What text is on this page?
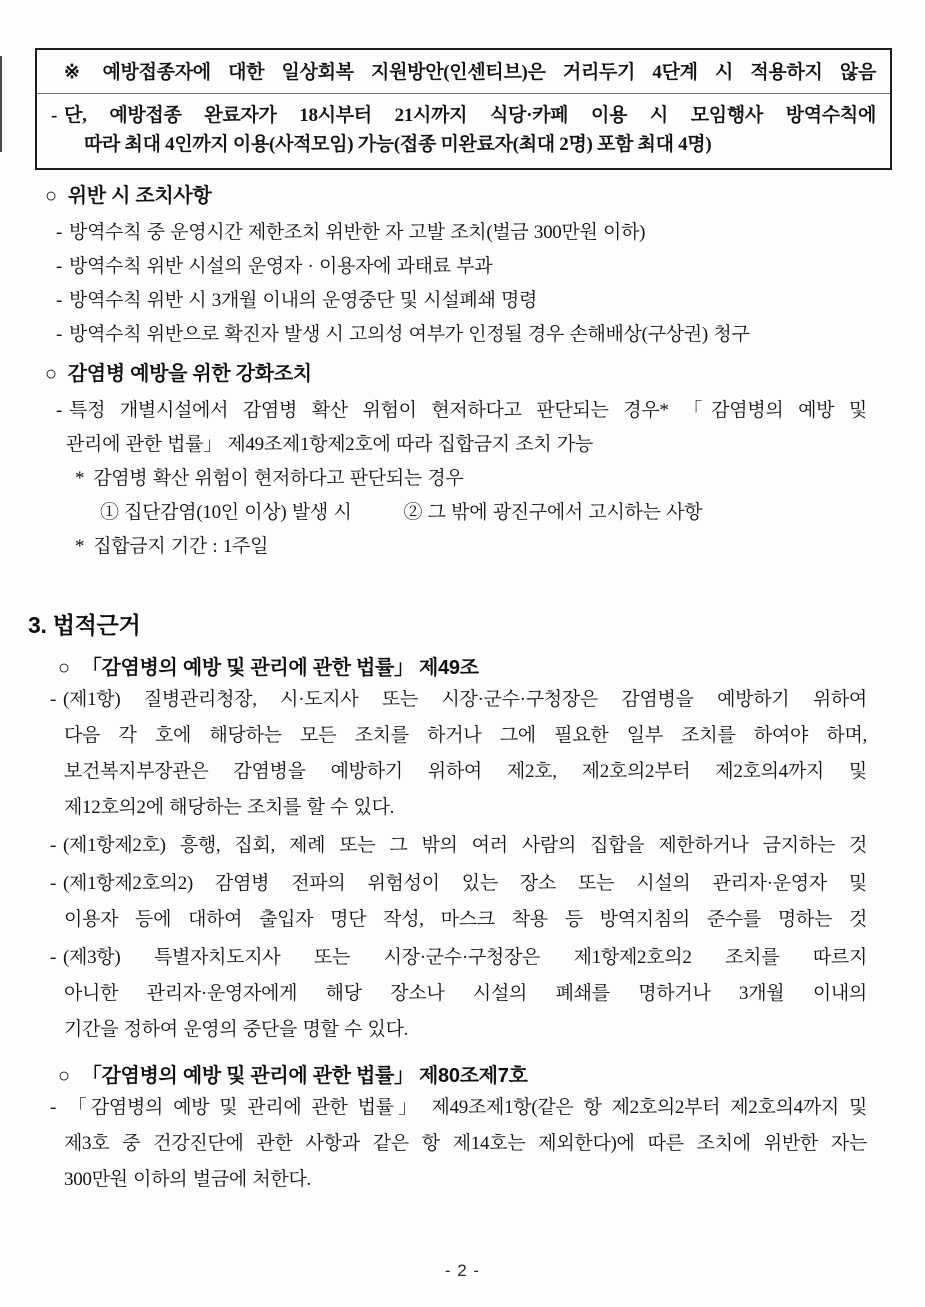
※ 예방접종자에 대한 일상회복 지원방안(인센티브)은 거리두기 4단계 시 적용하지 않음
- 단, 예방접종 완료자가 18시부터 21시까지 식당·카페 이용 시 모임행사 방역수칙에
따라 최대 4인까지 이용(사적모임) 가능(접종 미완료자(최대 2명) 포함 최대 4명)
○ 위반 시 조치사항
- 방역수칙 중 운영시간 제한조치 위반한 자 고발 조치(벌금 300만원 이하)
- 방역수칙 위반 시설의 운영자 · 이용자에 과태료 부과
- 방역수칙 위반 시 3개월 이내의 운영중단 및 시설폐쇄 명령
- 방역수칙 위반으로 확진자 발생 시 고의성 여부가 인정될 경우 손해배상(구상권) 청구
○ 감염병 예방을 위한 강화조치
- 특정 개별시설에서 감염병 확산 위험이 현저하다고 판단되는 경우* 「감염병의 예방 및
관리에 관한 법률」 제49조제1항제2호에 따라 집합금지 조치 가능
* 감염병 확산 위험이 현저하다고 판단되는 경우
① 집단감염(10인 이상) 발생 시	② 그 밖에 광진구에서 고시하는 사항
* 집합금지 기간 : 1주일
3. 법적근거
○ 「감염병의 예방 및 관리에 관한 법률」 제49조
- (제1항) 질병관리청장, 시·도지사 또는 시장·군수·구청장은 감염병을 예방하기 위하여
다음 각 호에 해당하는 모든 조치를 하거나 그에 필요한 일부 조치를 하여야 하며,
보건복지부장관은 감염병을 예방하기 위하여 제2호, 제2호의2부터 제2호의4까지 및
제12호의2에 해당하는 조치를 할 수 있다.
- (제1항제2호) 흥행, 집회, 제례 또는 그 밖의 여러 사람의 집합을 제한하거나 금지하는 것
- (제1항제2호의2) 감염병 전파의 위험성이 있는 장소 또는 시설의 관리자·운영자 및
이용자 등에 대하여 출입자 명단 작성, 마스크 착용 등 방역지침의 준수를 명하는 것
- (제3항) 특별자치도지사 또는 시장·군수·구청장은 제1항제2호의2 조치를 따르지
아니한 관리자·운영자에게 해당 장소나 시설의 폐쇄를 명하거나 3개월 이내의
기간을 정하여 운영의 중단을 명할 수 있다.
○ 「감염병의 예방 및 관리에 관한 법률」 제80조제7호
- 「감염병의 예방 및 관리에 관한 법률」 제49조제1항(같은 항 제2호의2부터 제2호의4까지 및
제3호 중 건강진단에 관한 사항과 같은 항 제14호는 제외한다)에 따른 조치에 위반한 자는
300만원 이하의 벌금에 처한다.
- 2 -
